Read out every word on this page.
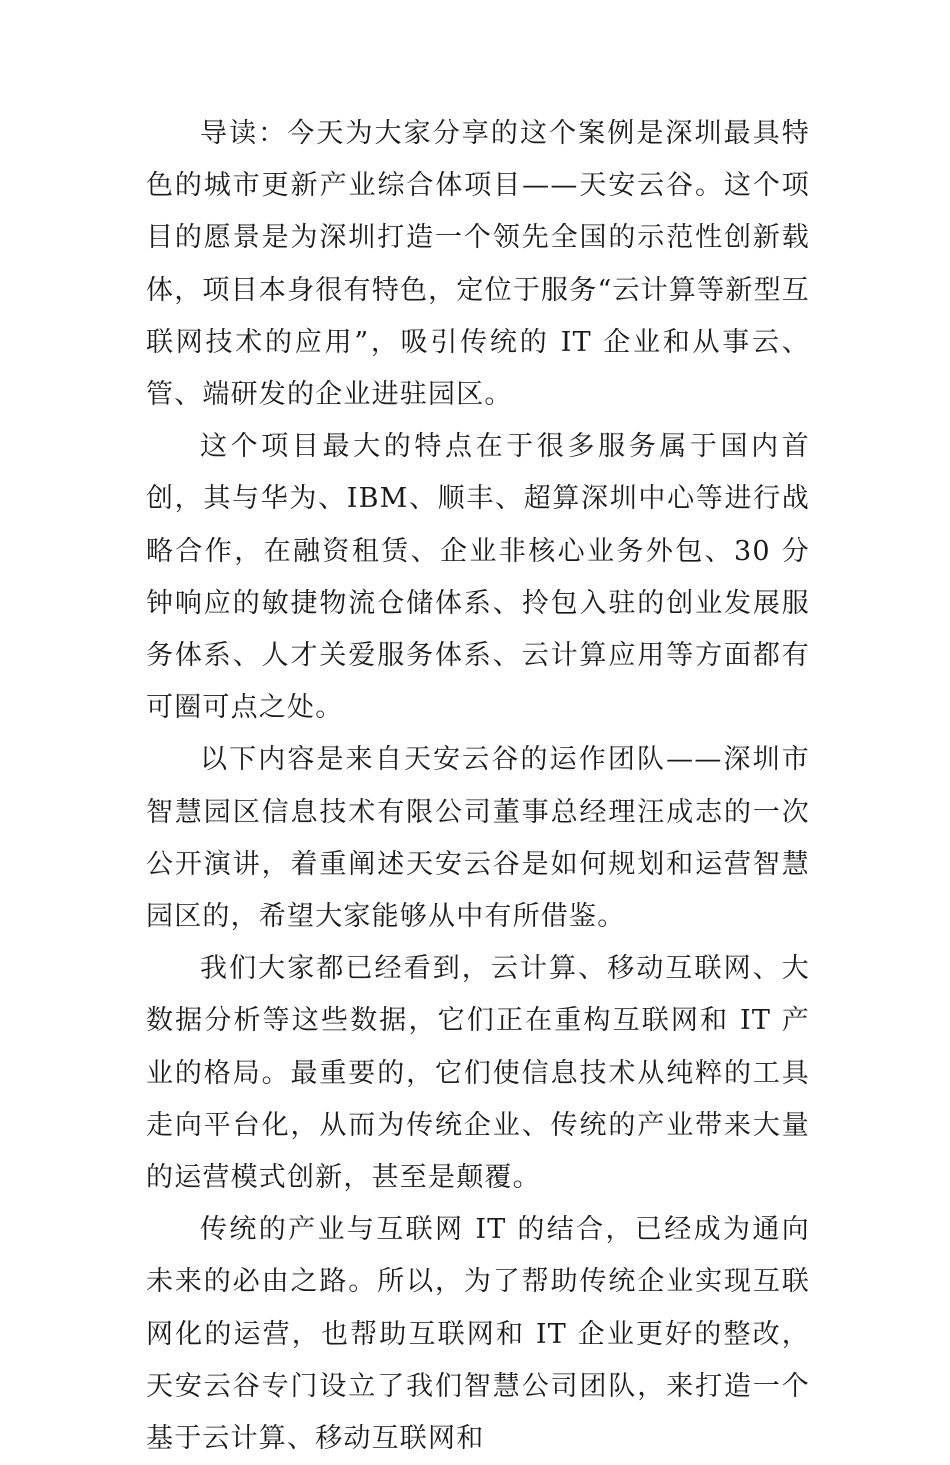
导读：今天为大家分享的这个案例是深圳最具特色的城市更新产业综合体项目——天安云谷。这个项目的愿景是为深圳打造一个领先全国的示范性创新载体，项目本身很有特色，定位于服务“云计算等新型互联网技术的应用”，吸引传统的 IT 企业和从事云、管、端研发的企业进驻园区。

这个项目最大的特点在于很多服务属于国内首创，其与华为、IBM、顺丰、超算深圳中心等进行战略合作，在融资租赁、企业非核心业务外包、30 分钟响应的敏捷物流仓储体系、拎包入驻的创业发展服务体系、人才关爱服务体系、云计算应用等方面都有可圈可点之处。

以下内容是来自天安云谷的运作团队——深圳市智慧园区信息技术有限公司董事总经理汪成志的一次公开演讲，着重阐述天安云谷是如何规划和运营智慧园区的，希望大家能够从中有所借鉴。

我们大家都已经看到，云计算、移动互联网、大数据分析等这些数据，它们正在重构互联网和 IT 产业的格局。最重要的，它们使信息技术从纯粹的工具走向平台化，从而为传统企业、传统的产业带来大量的运营模式创新，甚至是颠覆。

传统的产业与互联网 IT 的结合，已经成为通向未来的必由之路。所以，为了帮助传统企业实现互联网化的运营，也帮助互联网和 IT 企业更好的整改，天安云谷专门设立了我们智慧公司团队，来打造一个基于云计算、移动互联网和
